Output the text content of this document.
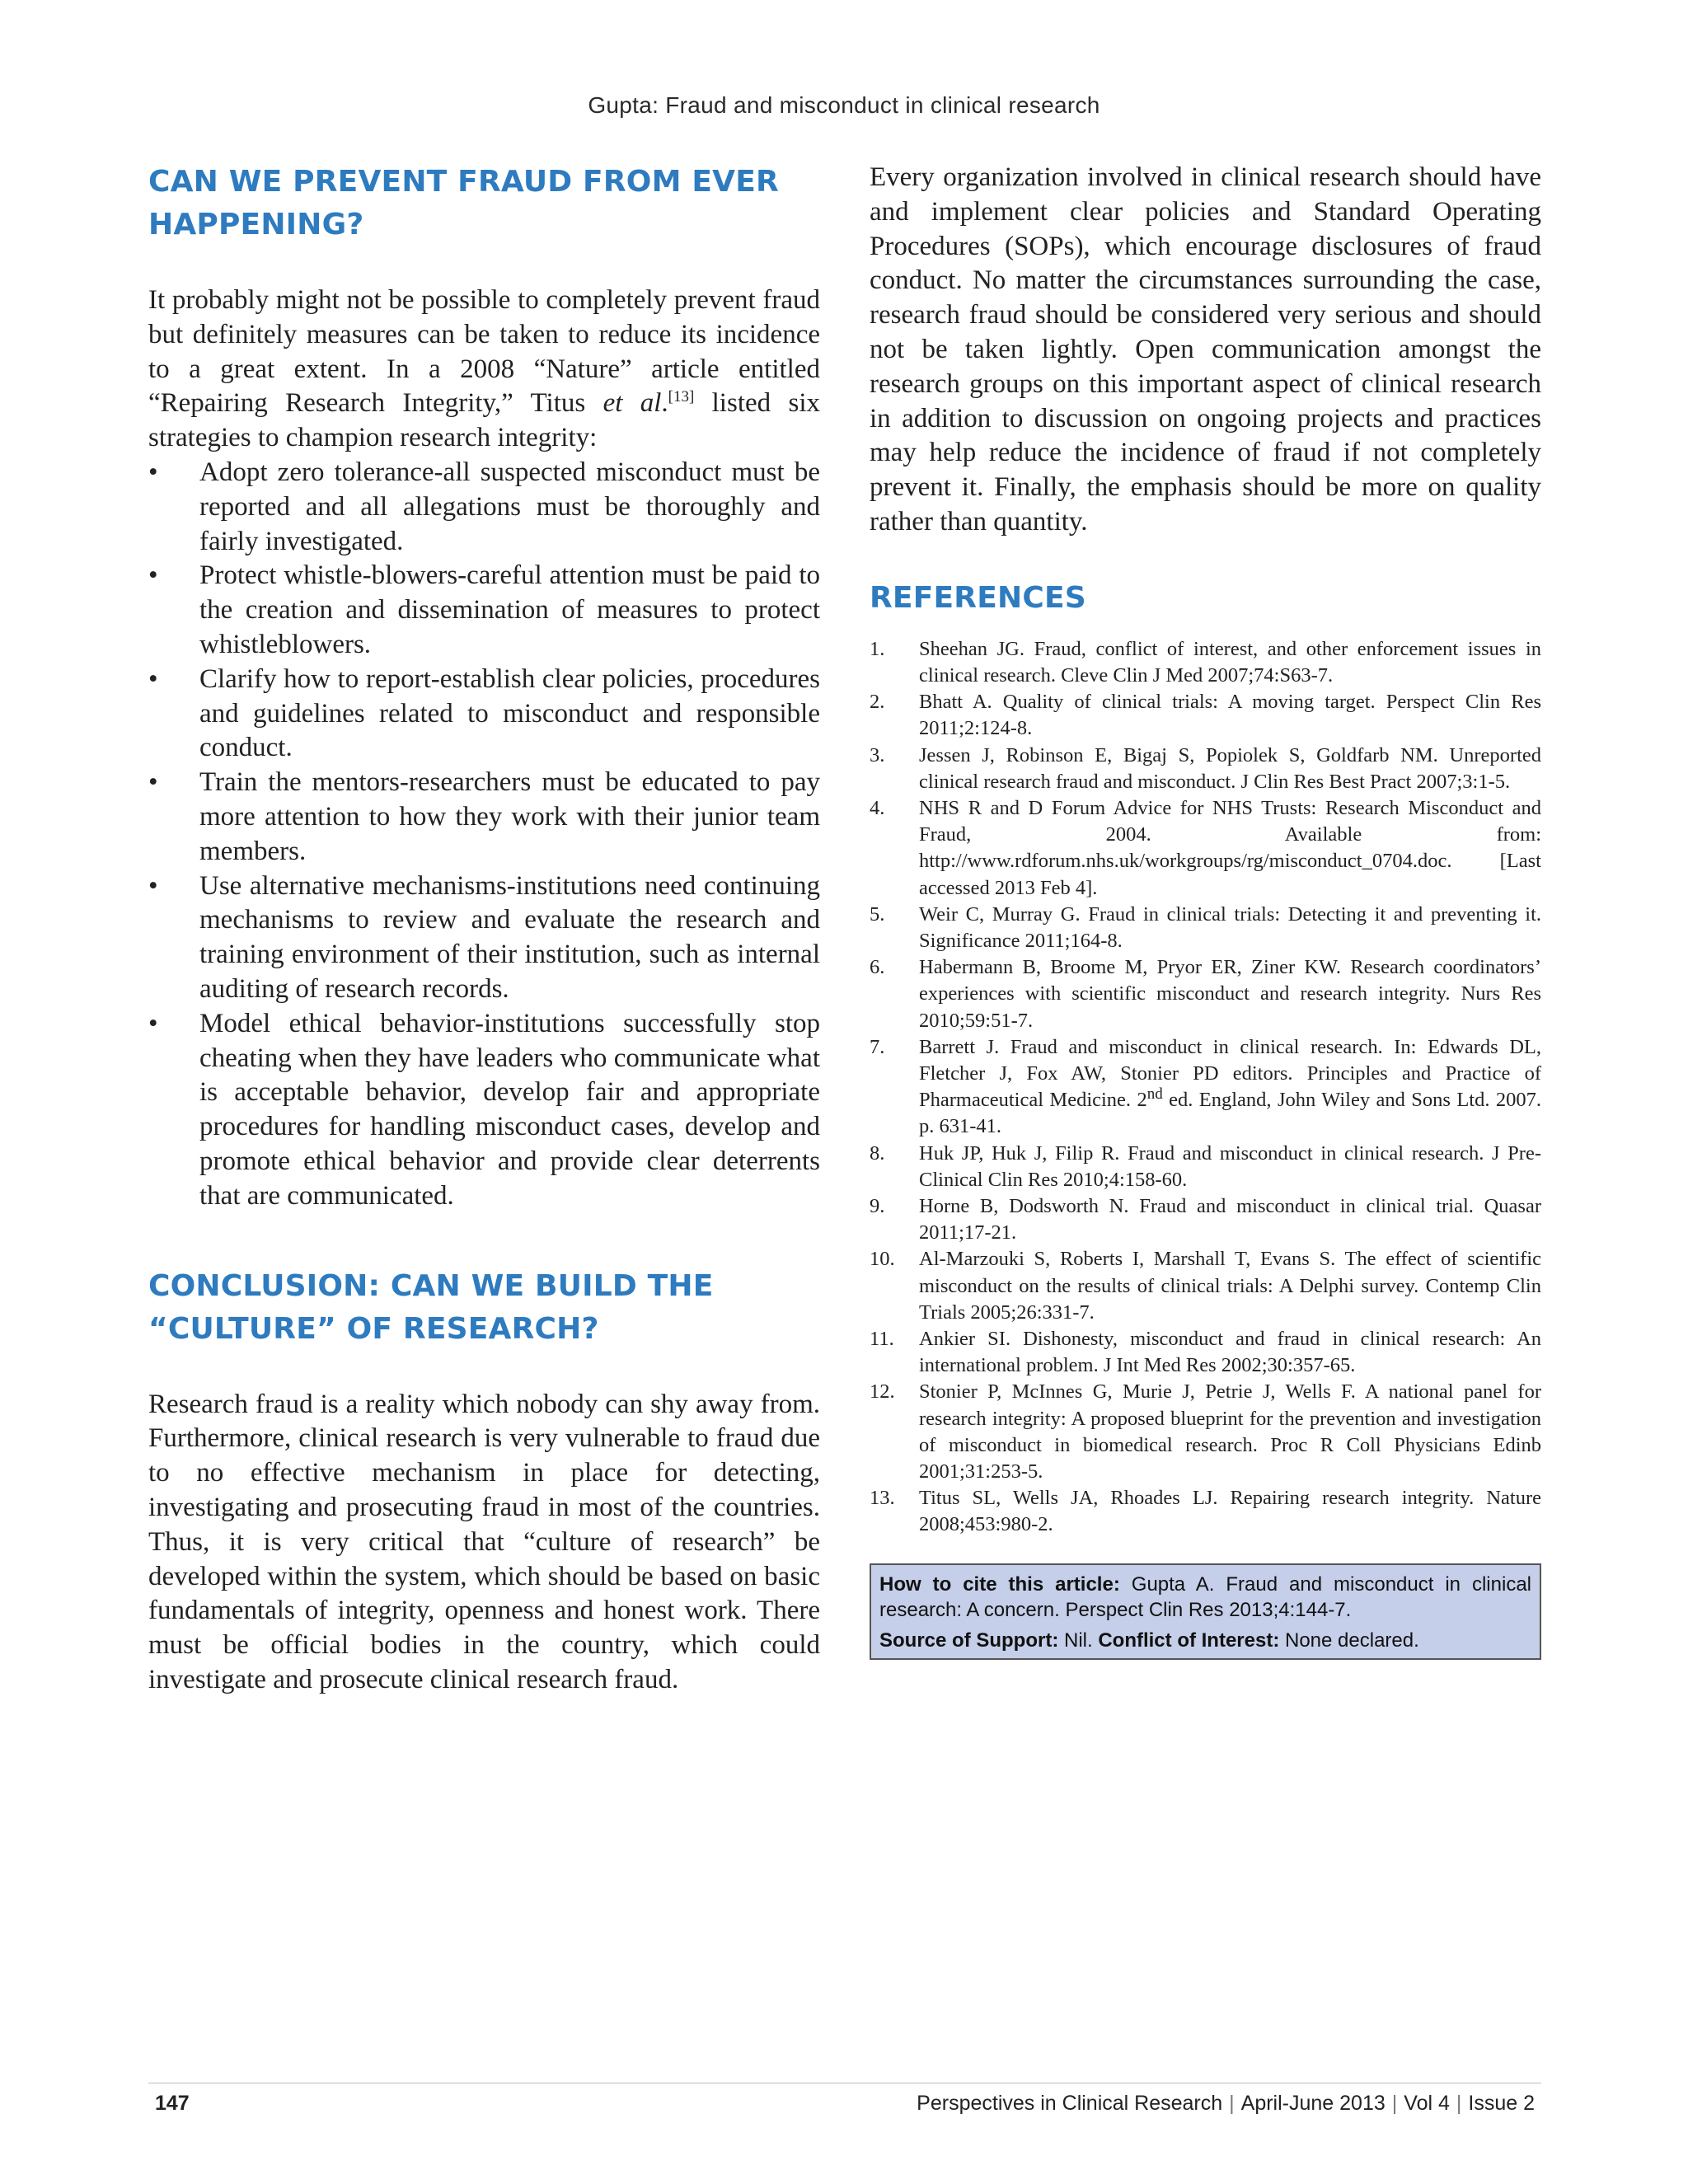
Gupta: Fraud and misconduct in clinical research
CAN WE PREVENT FRAUD FROM EVER HAPPENING?

It probably might not be possible to completely prevent fraud but definitely measures can be taken to reduce its incidence to a great extent. In a 2008 “Nature” article entitled “Repairing Research Integrity,” Titus et al.[13] listed six strategies to champion research integrity:

• Adopt zero tolerance-all suspected misconduct must be reported and all allegations must be thoroughly and fairly investigated.
• Protect whistle-blowers-careful attention must be paid to the creation and dissemination of measures to protect whistleblowers.
• Clarify how to report-establish clear policies, procedures and guidelines related to misconduct and responsible conduct.
• Train the mentors-researchers must be educated to pay more attention to how they work with their junior team members.
• Use alternative mechanisms-institutions need continuing mechanisms to review and evaluate the research and training environment of their institution, such as internal auditing of research records.
• Model ethical behavior-institutions successfully stop cheating when they have leaders who communicate what is acceptable behavior, develop fair and appropriate procedures for handling misconduct cases, develop and promote ethical behavior and provide clear deterrents that are communicated.
CONCLUSION: CAN WE BUILD THE “CULTURE” OF RESEARCH?

Research fraud is a reality which nobody can shy away from. Furthermore, clinical research is very vulnerable to fraud due to no effective mechanism in place for detecting, investigating and prosecuting fraud in most of the countries. Thus, it is very critical that “culture of research” be developed within the system, which should be based on basic fundamentals of integrity, openness and honest work. There must be official bodies in the country, which could investigate and prosecute clinical research fraud.

Every organization involved in clinical research should have and implement clear policies and Standard Operating Procedures (SOPs), which encourage disclosures of fraud conduct. No matter the circumstances surrounding the case, research fraud should be considered very serious and should not be taken lightly. Open communication amongst the research groups on this important aspect of clinical research in addition to discussion on ongoing projects and practices may help reduce the incidence of fraud if not completely prevent it. Finally, the emphasis should be more on quality rather than quantity.

REFERENCES
1. Sheehan JG. Fraud, conflict of interest, and other enforcement issues in clinical research. Cleve Clin J Med 2007;74:S63-7.
2. Bhatt A. Quality of clinical trials: A moving target. Perspect Clin Res 2011;2:124-8.
3. Jessen J, Robinson E, Bigaj S, Popiolek S, Goldfarb NM. Unreported clinical research fraud and misconduct. J Clin Res Best Pract 2007;3:1-5.
4. NHS R and D Forum Advice for NHS Trusts: Research Misconduct and Fraud, 2004. Available from: http://www.rdforum.nhs.uk/workgroups/rg/misconduct_0704.doc. [Last accessed 2013 Feb 4].
5. Weir C, Murray G. Fraud in clinical trials: Detecting it and preventing it. Significance 2011;164-8.
6. Habermann B, Broome M, Pryor ER, Ziner KW. Research coordinators’ experiences with scientific misconduct and research integrity. Nurs Res 2010;59:51-7.
7. Barrett J. Fraud and misconduct in clinical research. In: Edwards DL, Fletcher J, Fox AW, Stonier PD editors. Principles and Practice of Pharmaceutical Medicine. 2nd ed. England, John Wiley and Sons Ltd. 2007. p. 631-41.
8. Huk JP, Huk J, Filip R. Fraud and misconduct in clinical research. J Pre-Clinical Clin Res 2010;4:158-60.
9. Horne B, Dodsworth N. Fraud and misconduct in clinical trial. Quasar 2011;17-21.
10. Al-Marzouki S, Roberts I, Marshall T, Evans S. The effect of scientific misconduct on the results of clinical trials: A Delphi survey. Contemp Clin Trials 2005;26:331-7.
11. Ankier SI. Dishonesty, misconduct and fraud in clinical research: An international problem. J Int Med Res 2002;30:357-65.
12. Stonier P, McInnes G, Murie J, Petrie J, Wells F. A national panel for research integrity: A proposed blueprint for the prevention and investigation of misconduct in biomedical research. Proc R Coll Physicians Edinb 2001;31:253-5.
13. Titus SL, Wells JA, Rhoades LJ. Repairing research integrity. Nature 2008;453:980-2.
How to cite this article: Gupta A. Fraud and misconduct in clinical research: A concern. Perspect Clin Res 2013;4:144-7.
Source of Support: Nil. Conflict of Interest: None declared.
147	Perspectives in Clinical Research | April-June 2013 | Vol 4 | Issue 2
